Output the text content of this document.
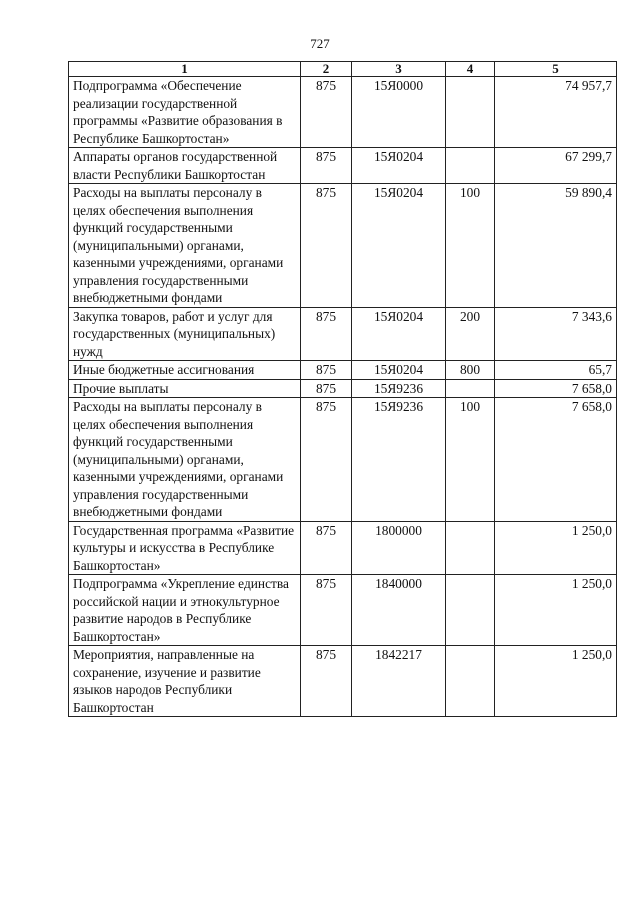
727
1	2	3	4	5
Подпрограмма «Обеспечение реализации государственной программы «Развитие образования в Республике Башкортостан»	875	15Я0000		74 957,7
Аппараты органов государственной власти Республики Башкортостан	875	15Я0204		67 299,7
Расходы на выплаты персоналу в целях обеспечения выполнения функций государственными (муниципальными) органами, казенными учреждениями, органами управления государственными внебюджетными фондами	875	15Я0204	100	59 890,4
Закупка товаров, работ и услуг для государственных (муниципальных) нужд	875	15Я0204	200	7 343,6
Иные бюджетные ассигнования	875	15Я0204	800	65,7
Прочие выплаты	875	15Я9236		7 658,0
Расходы на выплаты персоналу в целях обеспечения выполнения функций государственными (муниципальными) органами, казенными учреждениями, органами управления государственными внебюджетными фондами	875	15Я9236	100	7 658,0
Государственная программа «Развитие культуры и искусства в Республике Башкортостан»	875	1800000		1 250,0
Подпрограмма «Укрепление единства российской нации и этнокультурное развитие народов в Республике Башкортостан»	875	1840000		1 250,0
Мероприятия, направленные на сохранение, изучение и развитие языков народов Республики Башкортостан	875	1842217		1 250,0
